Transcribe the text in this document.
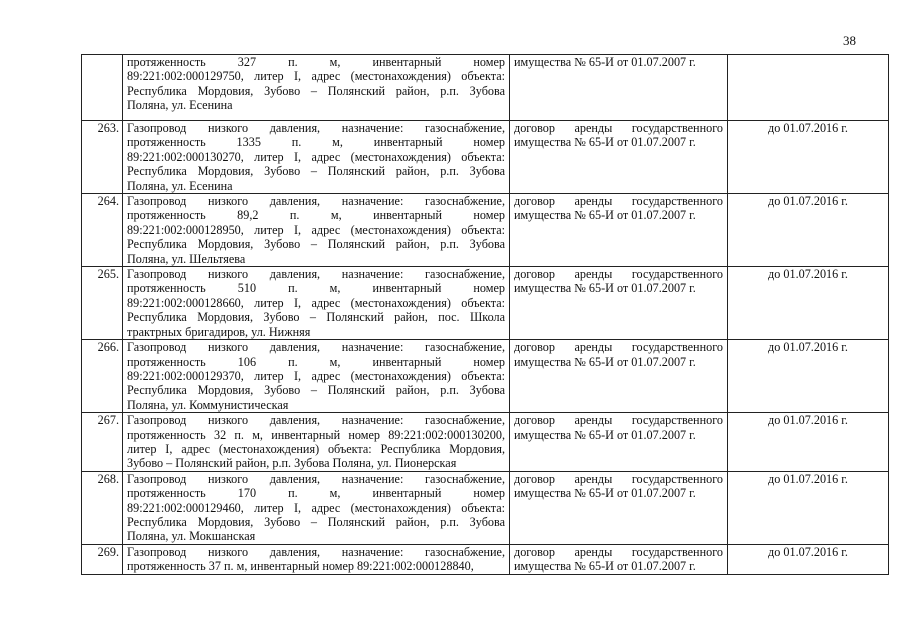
38

	протяженность 327 п. м, инвентарный номер
89:221:002:000129750, литер I, адрес (местонахождения) объекта:
Республика Мордовия, Зубово – Полянский район, р.п. Зубова
Поляна, ул. Есенина	имущества № 65-И от 01.07.2007 г.	

263.	Газопровод низкого давления, назначение: газоснабжение,
протяженность 1335 п. м, инвентарный номер
89:221:002:000130270, литер I, адрес (местонахождения) объекта:
Республика Мордовия, Зубово – Полянский район, р.п. Зубова
Поляна, ул. Есенина	договор аренды государственного
имущества № 65-И от 01.07.2007 г.	до 01.07.2016 г.
264.	Газопровод низкого давления, назначение: газоснабжение,
протяженность 89,2 п. м, инвентарный номер
89:221:002:000128950, литер I, адрес (местонахождения) объекта:
Республика Мордовия, Зубово – Полянский район, р.п. Зубова
Поляна, ул. Шельтяева	договор аренды государственного
имущества № 65-И от 01.07.2007 г.	до 01.07.2016 г.
265.	Газопровод низкого давления, назначение: газоснабжение,
протяженность 510 п. м, инвентарный номер
89:221:002:000128660, литер I, адрес (местонахождения) объекта:
Республика Мордовия, Зубово – Полянский район, пос. Школа
трактрных бригадиров, ул. Нижняя	договор аренды государственного
имущества № 65-И от 01.07.2007 г.	до 01.07.2016 г.
266.	Газопровод низкого давления, назначение: газоснабжение,
протяженность 106 п. м, инвентарный номер
89:221:002:000129370, литер I, адрес (местонахождения) объекта:
Республика Мордовия, Зубово – Полянский район, р.п. Зубова
Поляна, ул. Коммунистическая	договор аренды государственного
имущества № 65-И от 01.07.2007 г.	до 01.07.2016 г.
267.	Газопровод низкого давления, назначение: газоснабжение,
протяженность 32 п. м, инвентарный номер 89:221:002:000130200,
литер I, адрес (местонахождения) объекта: Республика Мордовия,
Зубово – Полянский район, р.п. Зубова Поляна, ул. Пионерская	договор аренды государственного
имущества № 65-И от 01.07.2007 г.	до 01.07.2016 г.
268.	Газопровод низкого давления, назначение: газоснабжение,
протяженность 170 п. м, инвентарный номер
89:221:002:000129460, литер I, адрес (местонахождения) объекта:
Республика Мордовия, Зубово – Полянский район, р.п. Зубова
Поляна, ул. Мокшанская	договор аренды государственного
имущества № 65-И от 01.07.2007 г.	до 01.07.2016 г.
269.	Газопровод низкого давления, назначение: газоснабжение,
протяженность 37 п. м, инвентарный номер 89:221:002:000128840,	договор аренды государственного
имущества № 65-И от 01.07.2007 г.	до 01.07.2016 г.
